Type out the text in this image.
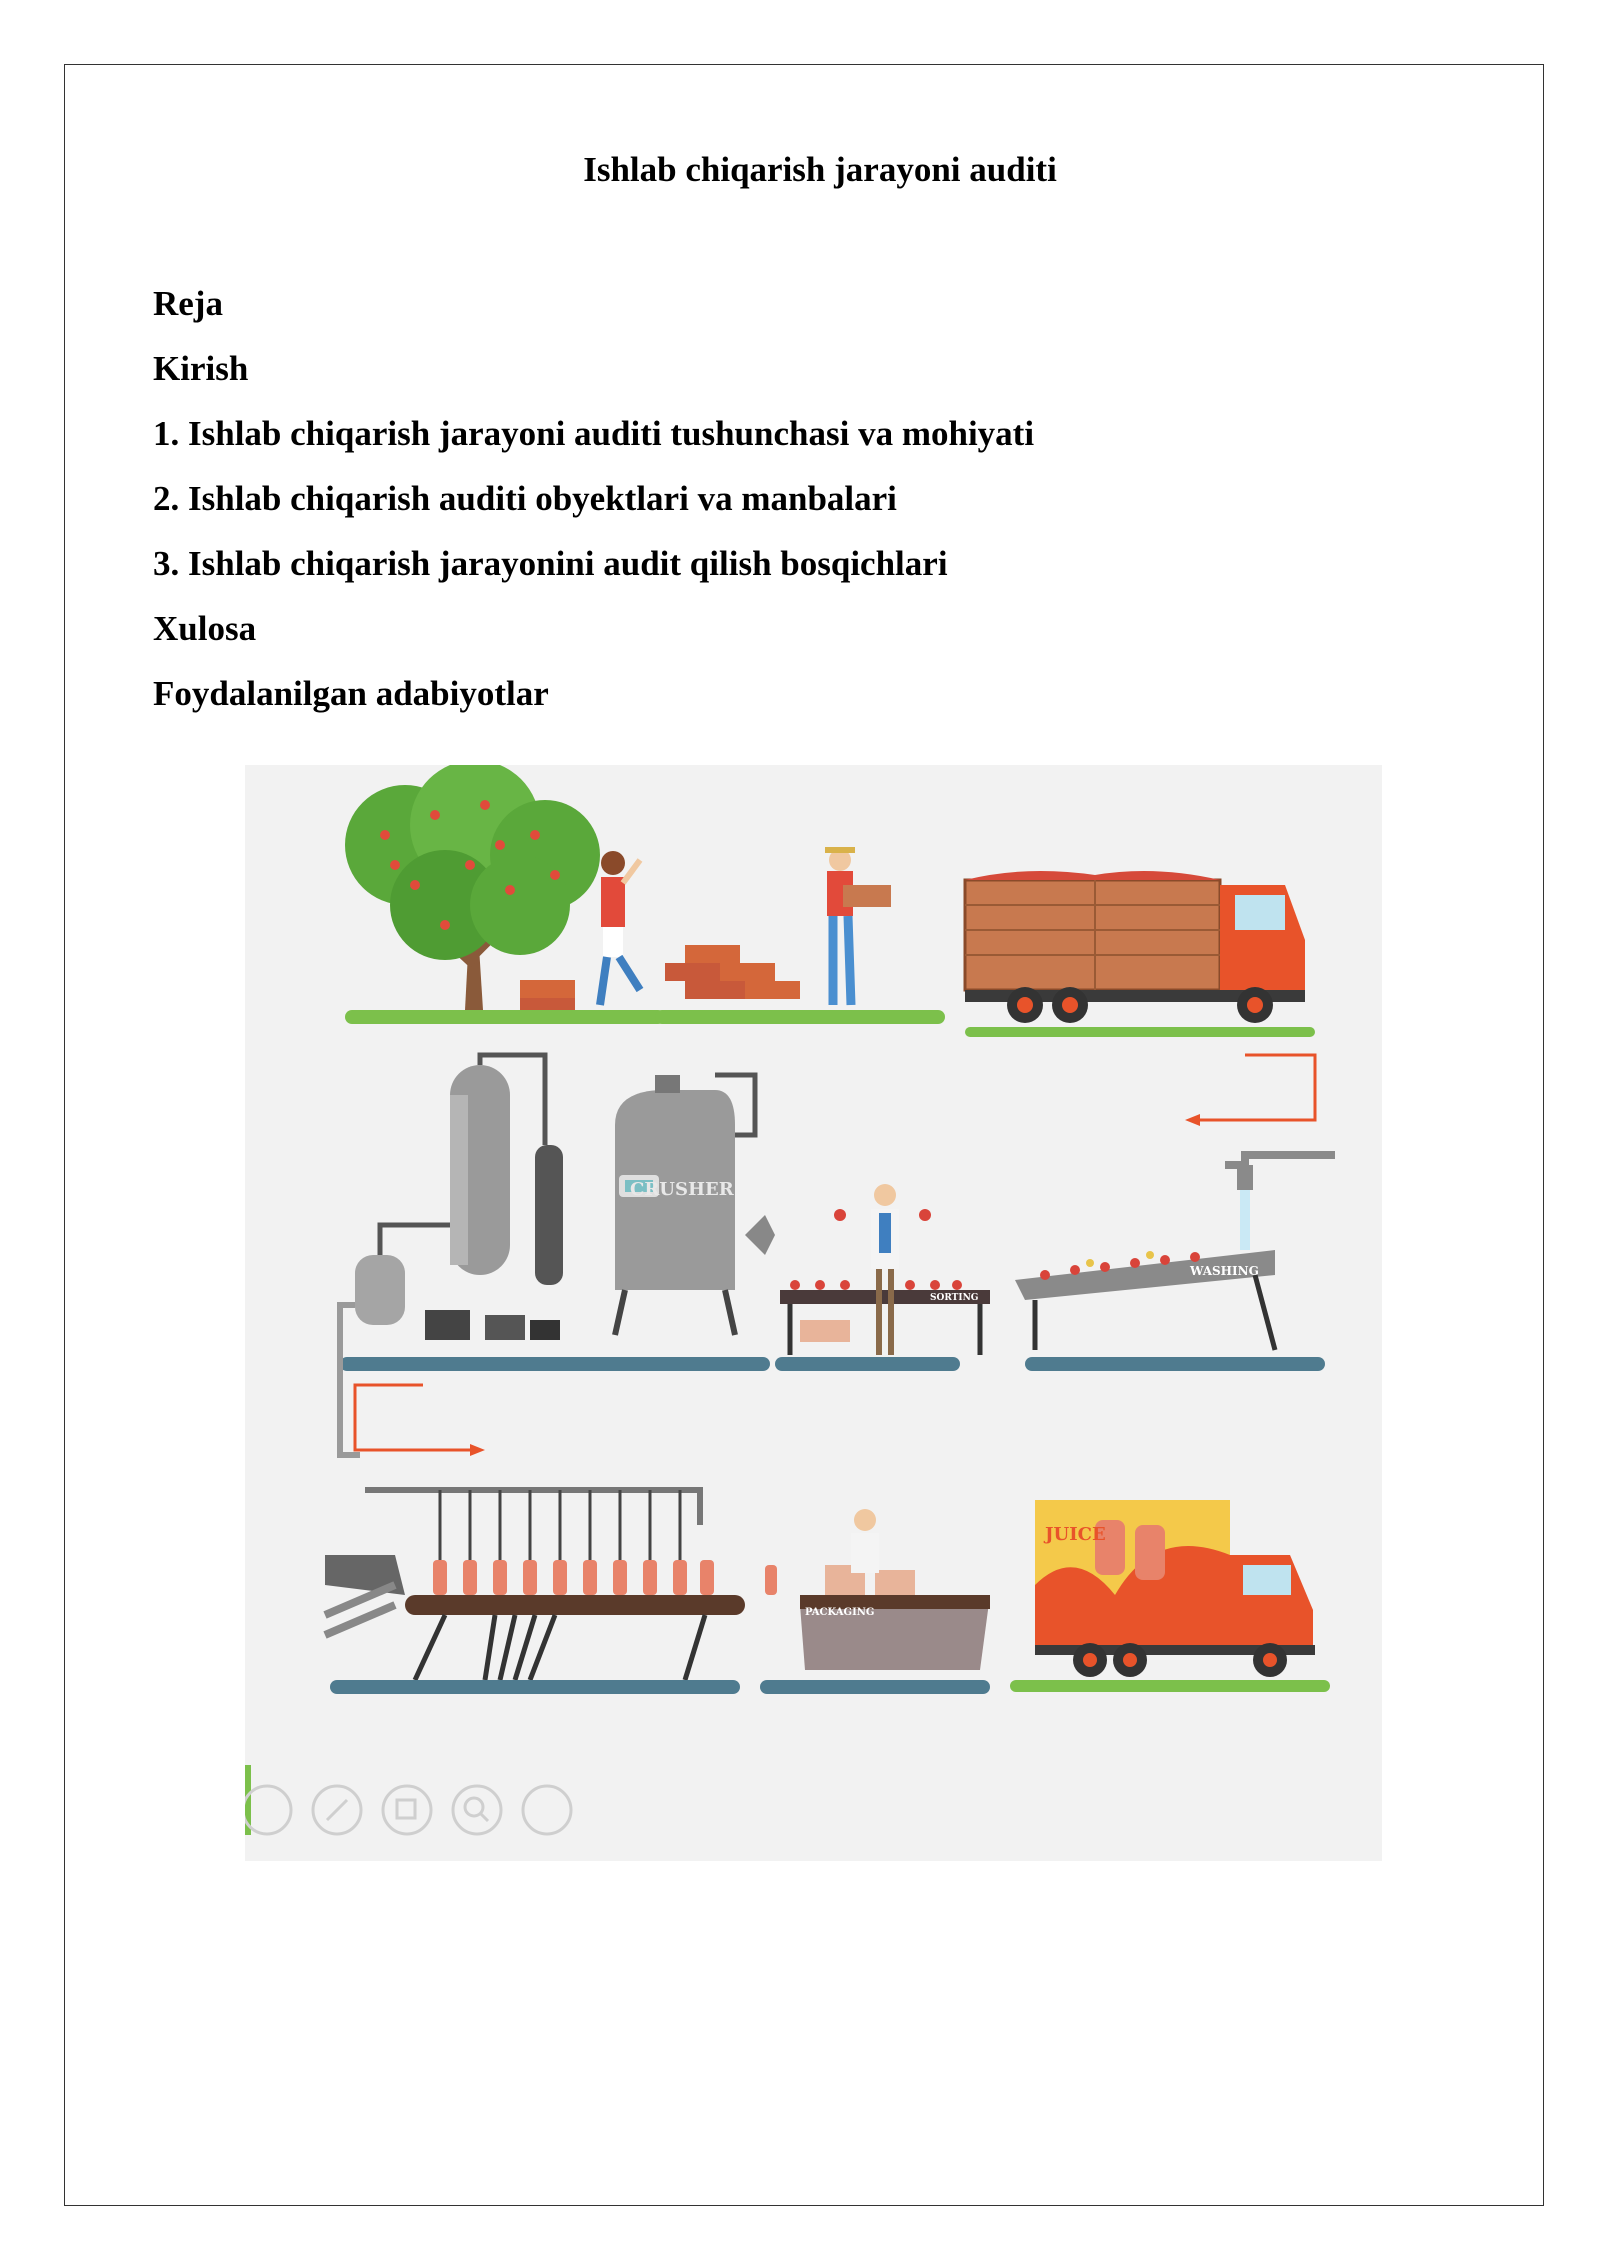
Ishlab chiqarish jarayoni auditi
Reja
Kirish
1. Ishlab chiqarish jarayoni auditi tushunchasi va mohiyati
2. Ishlab chiqarish auditi obyektlari va manbalari
3. Ishlab chiqarish jarayonini audit qilish bosqichlari
Xulosa
Foydalanilgan adabiyotlar
CRUSHER
SORTING
WASHING
PACKAGING
JUICE
